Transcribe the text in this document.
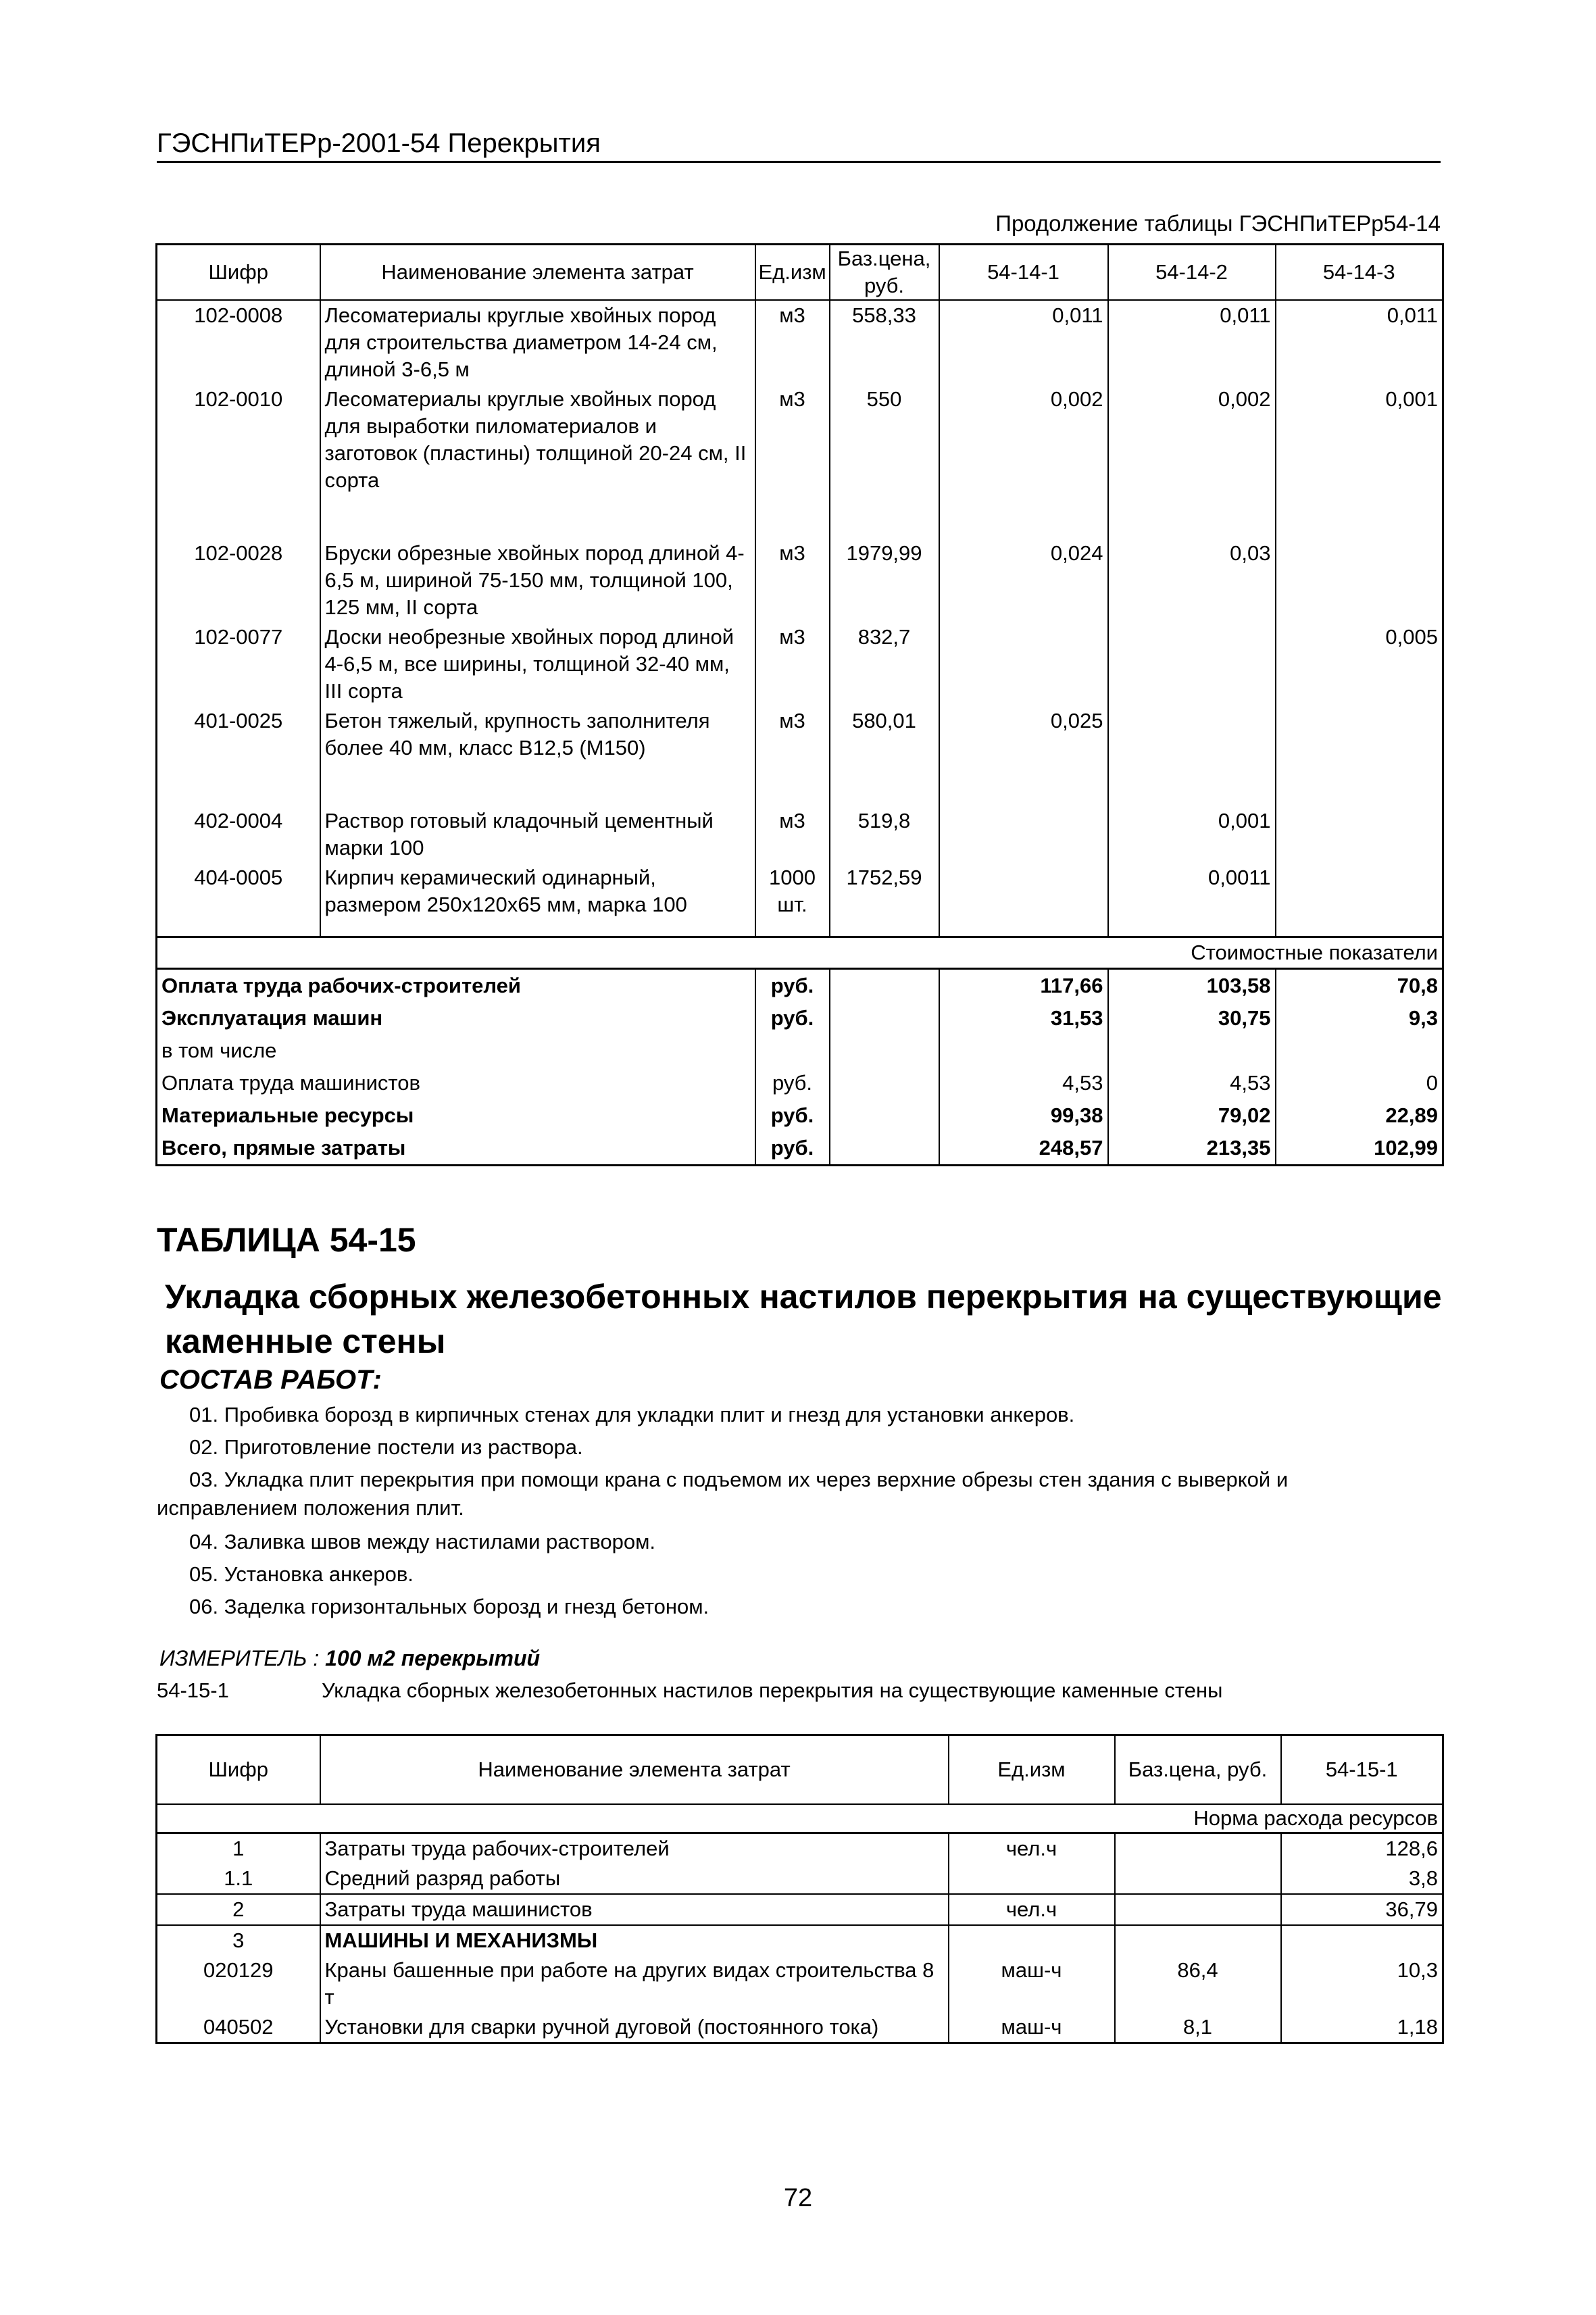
ГЭСНПиТЕРр-2001-54 Перекрытия
Продолжение таблицы ГЭСНПиТЕРр54-14
Шифр	Наименование элемента затрат	Ед.изм	Баз.цена, руб.	54-14-1	54-14-2	54-14-3
102-0008	Лесоматериалы круглые хвойных пород для строительства диаметром 14-24 см, длиной 3-6,5 м	м3	558,33	0,011	0,011	0,011
102-0010	Лесоматериалы круглые хвойных пород для выработки пиломатериалов и заготовок (пластины) толщиной 20-24 см, II сорта	м3	550	0,002	0,002	0,001

102-0028	Бруски обрезные хвойных пород длиной 4-6,5 м, шириной 75-150 мм, толщиной 100, 125 мм, II сорта	м3	1979,99	0,024	0,03	
102-0077	Доски необрезные хвойных пород длиной 4-6,5 м, все ширины, толщиной 32-40 мм, III сорта	м3	832,7			0,005
401-0025	Бетон тяжелый, крупность заполнителя более 40 мм, класс В12,5 (М150)	м3	580,01	0,025		

402-0004	Раствор готовый кладочный цементный марки 100	м3	519,8		0,001	
404-0005	Кирпич керамический одинарный, размером 250х120х65 мм, марка 100	1000 шт.	1752,59		0,0011	

Стоимостные показатели						
Оплата труда рабочих-строителей		руб.		117,66	103,58	70,8
Эксплуатация машин		руб.		31,53	30,75	9,3
в том числе						
Оплата труда машинистов		руб.		4,53	4,53	0
Материальные ресурсы		руб.		99,38	79,02	22,89
Всего, прямые затраты		руб.		248,57	213,35	102,99
ТАБЛИЦА 54-15
Укладка сборных железобетонных настилов перекрытия на существующие каменные стены
СОСТАВ РАБОТ:
01. Пробивка борозд в кирпичных стенах для укладки плит и гнезд для установки анкеров.
02. Приготовление постели из раствора.
03. Укладка плит перекрытия при помощи крана с подъемом их через верхние обрезы стен здания с выверкой и
исправлением положения плит.
04. Заливка швов между настилами раствором.
05. Установка анкеров.
06. Заделка горизонтальных борозд и гнезд бетоном.
ИЗМЕРИТЕЛЬ : 100 м2 перекрытий
54-15-1	Укладка сборных железобетонных настилов перекрытия на существующие каменные стены
Шифр	Наименование элемента затрат	Ед.изм	Баз.цена, руб.	54-15-1
Норма расхода ресурсов				
1	Затраты труда рабочих-строителей	чел.ч		128,6
1.1	Средний разряд работы			3,8
2	Затраты труда машинистов	чел.ч		36,79
3	МАШИНЫ И МЕХАНИЗМЫ			
020129	Краны башенные при работе на других видах строительства 8 т	маш-ч	86,4	10,3
040502	Установки для сварки ручной дуговой (постоянного тока)	маш-ч	8,1	1,18
72
